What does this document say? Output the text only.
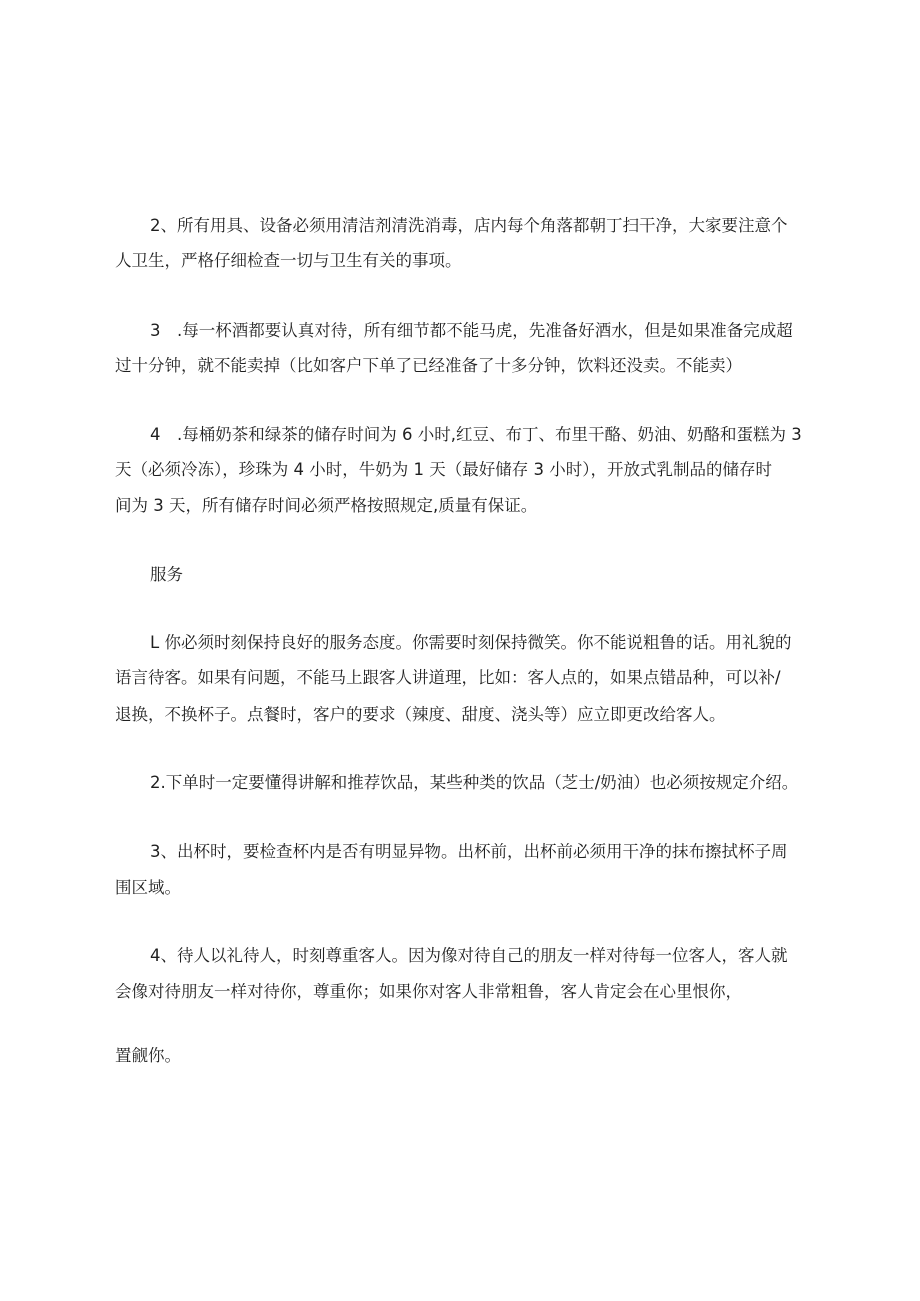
2、所有用具、设备必须用清洁剂清洗消毒，店内每个角落都朝丁扫干净，大家要注意个
人卫生，严格仔细检查一切与卫生有关的事项。
3　.每一杯酒都要认真对待，所有细节都不能马虎，先准备好酒水，但是如果准备完成超
过十分钟，就不能卖掉（比如客户下单了已经准备了十多分钟，饮料还没卖。不能卖）
4　.每桶奶茶和绿茶的储存时间为 6 小时,红豆、布丁、布里干酪、奶油、奶酪和蛋糕为 3
天（必须冷冻），珍珠为 4 小时，牛奶为 1 天（最好储存 3 小时），开放式乳制品的储存时
间为 3 天，所有储存时间必须严格按照规定,质量有保证。
服务
L 你必须时刻保持良好的服务态度。你需要时刻保持微笑。你不能说粗鲁的话。用礼貌的
语言待客。如果有问题，不能马上跟客人讲道理，比如：客人点的，如果点错品种，可以补/
退换，不换杯子。点餐时，客户的要求（辣度、甜度、浇头等）应立即更改给客人。
2.下单时一定要懂得讲解和推荐饮品，某些种类的饮品（芝士/奶油）也必须按规定介绍。
3、出杯时，要检查杯内是否有明显异物。出杯前，出杯前必须用干净的抹布擦拭杯子周
围区域。
4、待人以礼待人，时刻尊重客人。因为像对待自己的朋友一样对待每一位客人，客人就
会像对待朋友一样对待你，尊重你；如果你对客人非常粗鲁，客人肯定会在心里恨你，
置觎你。
